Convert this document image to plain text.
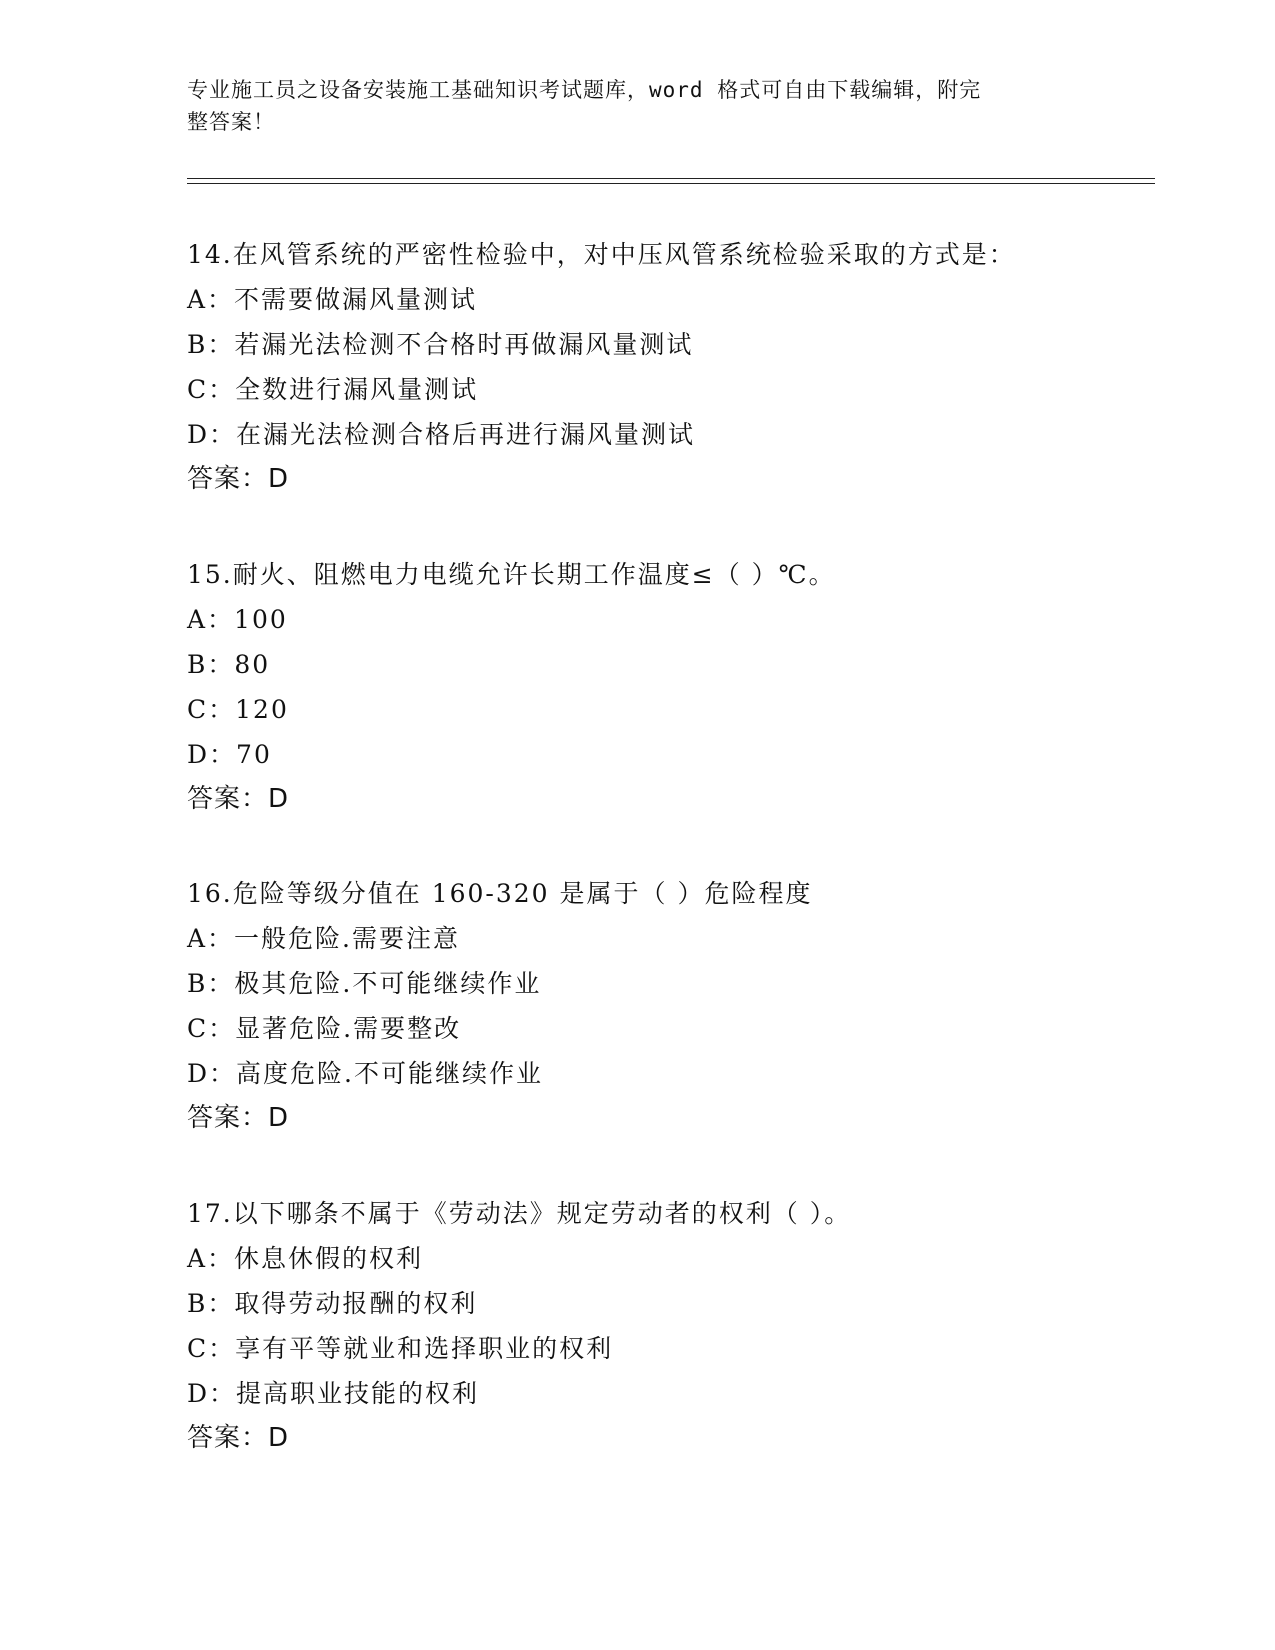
专业施工员之设备安装施工基础知识考试题库，word 格式可自由下载编辑，附完
整答案！
14.在风管系统的严密性检验中，对中压风管系统检验采取的方式是：
A：不需要做漏风量测试
B：若漏光法检测不合格时再做漏风量测试
C：全数进行漏风量测试
D：在漏光法检测合格后再进行漏风量测试
答案：D
15.耐火、阻燃电力电缆允许长期工作温度≤（ ）℃。
A：100
B：80
C：120
D：70
答案：D
16.危险等级分值在 160-320 是属于（ ）危险程度
A：一般危险.需要注意
B：极其危险.不可能继续作业
C：显著危险.需要整改
D：高度危险.不可能继续作业
答案：D
17.以下哪条不属于《劳动法》规定劳动者的权利（ ）。
A：休息休假的权利
B：取得劳动报酬的权利
C：享有平等就业和选择职业的权利
D：提高职业技能的权利
答案：D
